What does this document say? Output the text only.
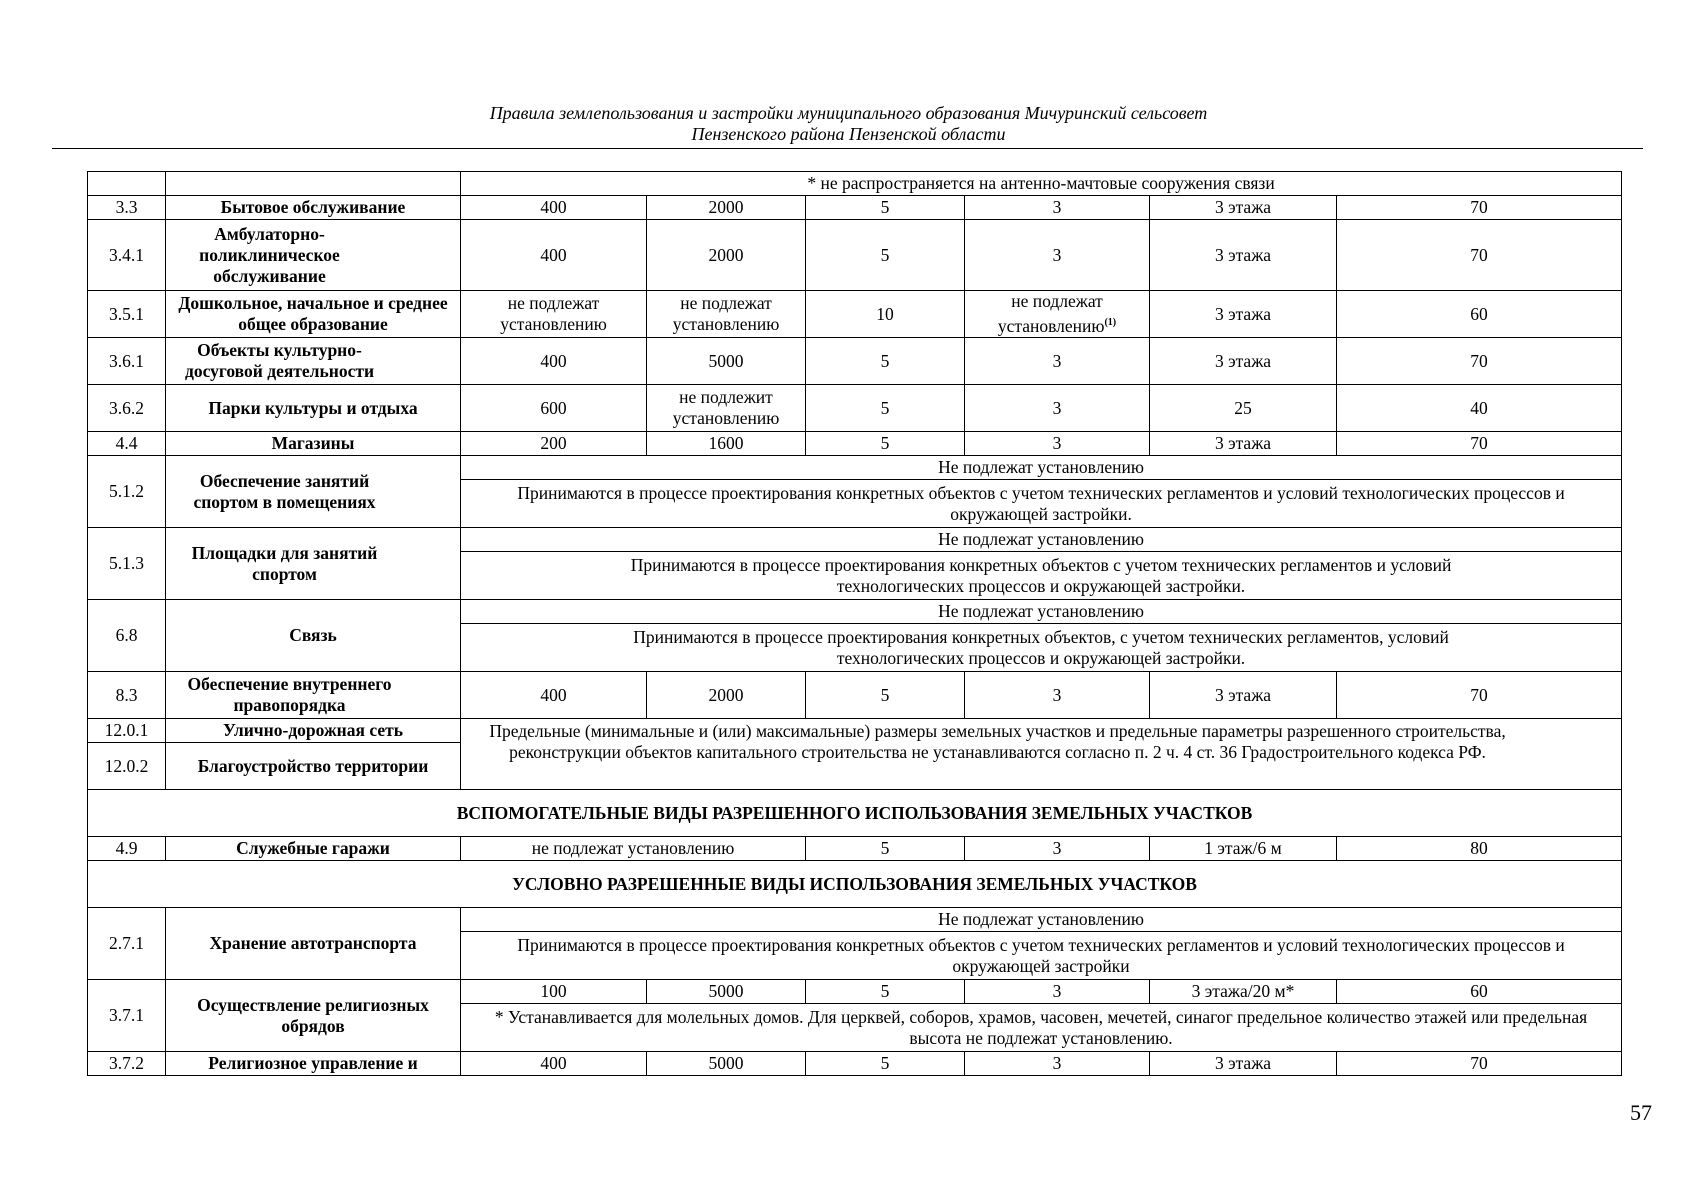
Правила землепользования и застройки муниципального образования Мичуринский сельсовет
Пензенского района Пензенской области
		* не распространяется на антенно-мачтовые сооружения связи					
3.3	Бытовое обслуживание	400	2000	5	3	3 этажа	70
3.4.1	Амбулаторно-поликлиническое обслуживание	400	2000	5	3	3 этажа	70
3.5.1	Дошкольное, начальное и среднее общее образование	не подлежат установлению	не подлежат установлению	10	не подлежат установлению$^{(1)}$	3 этажа	60
3.6.1	Объекты культурно-досуговой деятельности	400	5000	5	3	3 этажа	70
3.6.2	Парки культуры и отдыха	600	не подлежит установлению	5	3	25	40
4.4	Магазины	200	1600	5	3	3 этажа	70
5.1.2	Обеспечение занятий спортом в помещениях	Не подлежат установлению					
		Принимаются в процессе проектирования конкретных объектов с учетом технических регламентов и условий технологических процессов и окружающей застройки.					
5.1.3	Площадки для занятий спортом	Не подлежат установлению					
		Принимаются в процессе проектирования конкретных объектов с учетом технических регламентов и условий технологических процессов и окружающей застройки.					
6.8	Связь	Не подлежат установлению					
		Принимаются в процессе проектирования конкретных объектов, с учетом технических регламентов, условий технологических процессов и окружающей застройки.					
8.3	Обеспечение внутреннего правопорядка	400	2000	5	3	3 этажа	70
12.0.1	Улично-дорожная сеть	Предельные (минимальные и (или) максимальные) размеры земельных участков и предельные параметры разрешенного строительства, реконструкции объектов капитального строительства не устанавливаются согласно п. 2 ч. 4 ст. 36 Градостроительного кодекса РФ.					
12.0.2	Благоустройство территории						
ВСПОМОГАТЕЛЬНЫЕ ВИДЫ РАЗРЕШЕННОГО ИСПОЛЬЗОВАНИЯ ЗЕМЕЛЬНЫХ УЧАСТКОВ							
4.9	Служебные гаражи	не подлежат установлению		5	3	1 этаж/6 м	80
УСЛОВНО РАЗРЕШЕННЫЕ ВИДЫ ИСПОЛЬЗОВАНИЯ ЗЕМЕЛЬНЫХ УЧАСТКОВ							
2.7.1	Хранение автотранспорта	Не подлежат установлению					
		Принимаются в процессе проектирования конкретных объектов с учетом технических регламентов и условий технологических процессов и окружающей застройки					
3.7.1	Осуществление религиозных обрядов	100	5000	5	3	3 этажа/20 м*	60
		* Устанавливается для молельных домов. Для церквей, соборов, храмов, часовен, мечетей, синагог предельное количество этажей или предельная высота не подлежат установлению.					
3.7.2	Религиозное управление и	400	5000	5	3	3 этажа	70
57
